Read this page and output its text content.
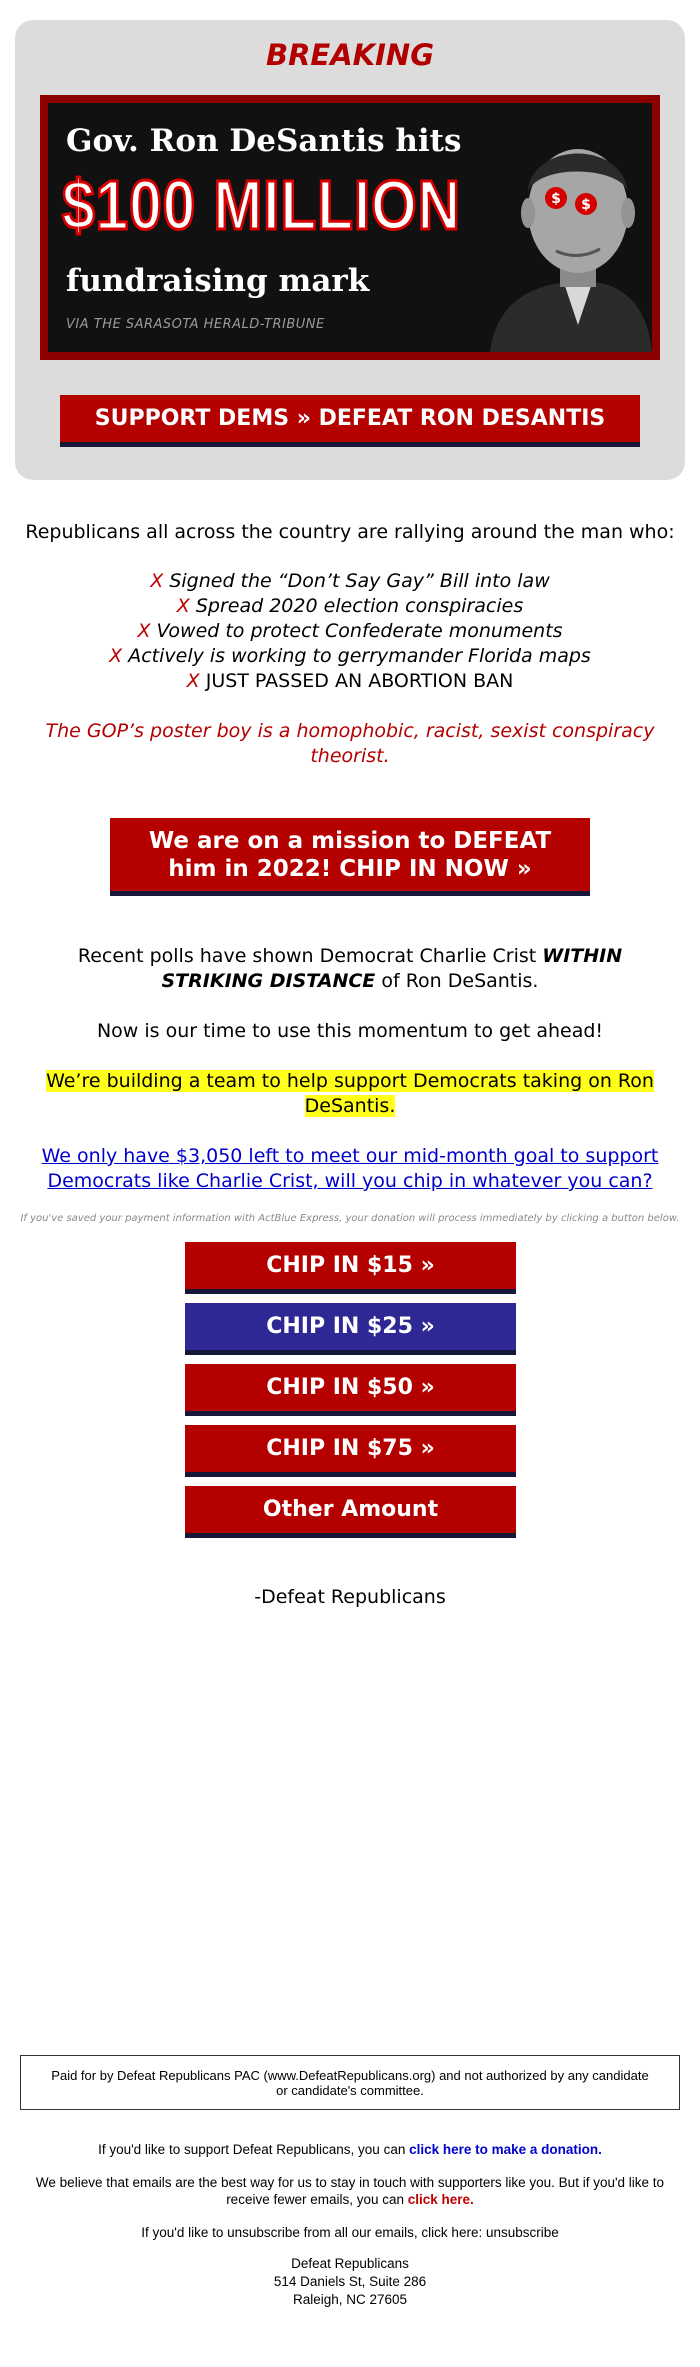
BREAKING
Gov. Ron DeSantis hits
$100 MILLION
fundraising mark
VIA THE SARASOTA HERALD-TRIBUNE
$ $
SUPPORT DEMS » DEFEAT RON DESANTIS
Republicans all across the country are rallying around the man who:
X Signed the “Don’t Say Gay” Bill into law
X Spread 2020 election conspiracies
X Vowed to protect Confederate monuments
X Actively is working to gerrymander Florida maps
X JUST PASSED AN ABORTION BAN
The GOP’s poster boy is a homophobic, racist, sexist conspiracy theorist.
We are on a mission to DEFEAT him in 2022! CHIP IN NOW »
Recent polls have shown Democrat Charlie Crist WITHIN STRIKING DISTANCE of Ron DeSantis.
Now is our time to use this momentum to get ahead!
We’re building a team to help support Democrats taking on Ron DeSantis.
We only have $3,050 left to meet our mid-month goal to support Democrats like Charlie Crist, will you chip in whatever you can?
If you've saved your payment information with ActBlue Express, your donation will process immediately by clicking a button below.
CHIP IN $15 »
CHIP IN $25 »
CHIP IN $50 »
CHIP IN $75 »
Other Amount
-Defeat Republicans
Paid for by Defeat Republicans PAC (www.DefeatRepublicans.org) and not authorized by any candidate or candidate's committee.
If you'd like to support Defeat Republicans, you can click here to make a donation.
We believe that emails are the best way for us to stay in touch with supporters like you. But if you'd like to receive fewer emails, you can click here.
If you'd like to unsubscribe from all our emails, click here: unsubscribe
Defeat Republicans
514 Daniels St, Suite 286
Raleigh, NC 27605
